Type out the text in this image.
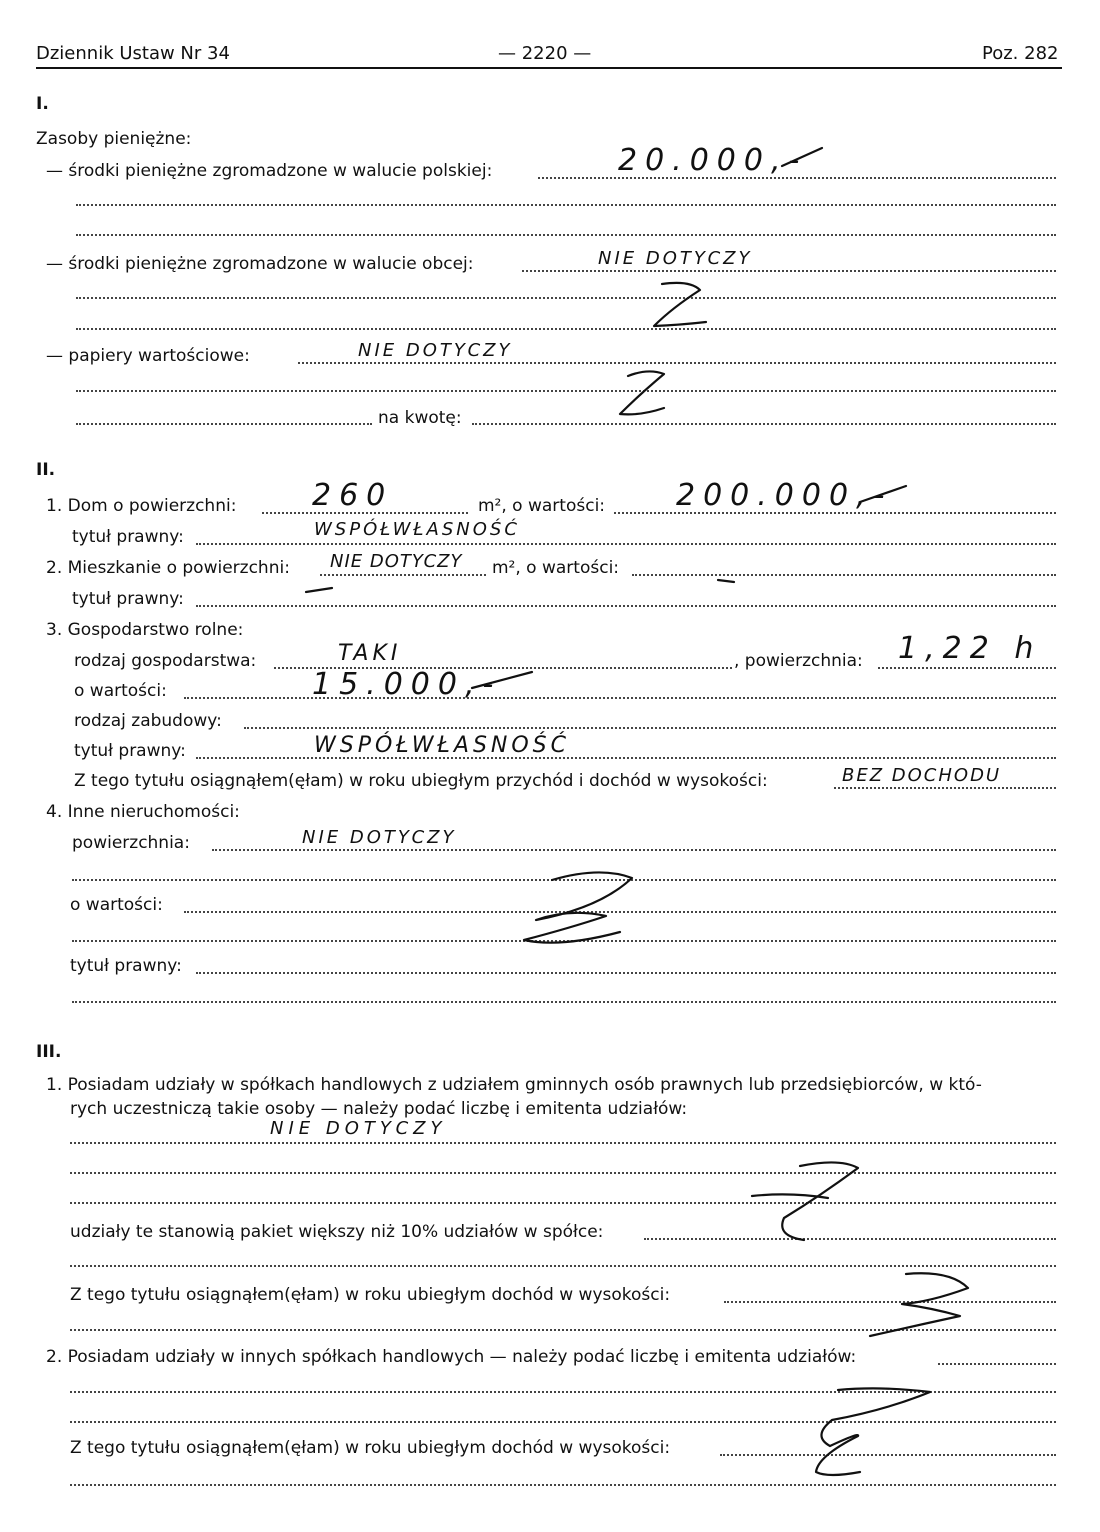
Dziennik Ustaw Nr 34	— 2220 —	Poz. 282
I.
Zasoby pieniężne:
— środki pieniężne zgromadzone w walucie polskiej:	20.000,-
— środki pieniężne zgromadzone w walucie obcej:	NIE DOTYCZY
— papiery wartościowe:	NIE DOTYCZY
na kwotę:
II.
1. Dom o powierzchni:	260	m², o wartości: 200.000,-
tytuł prawny:	WSPÓŁWŁASNOŚĆ
2. Mieszkanie o powierzchni: NIE DOTYCZY m², o wartości:
tytuł prawny:
3. Gospodarstwo rolne:
rodzaj gospodarstwa:	TAKI	, powierzchnia: 1,22 h
o wartości:	15.000,-
rodzaj zabudowy:
tytuł prawny:	WSPÓŁWŁASNOŚĆ
Z tego tytułu osiągnąłem(ęłam) w roku ubiegłym przychód i dochód w wysokości:	BEZ DOCHODU
4. Inne nieruchomości:
powierzchnia:	NIE DOTYCZY
o wartości:
tytuł prawny:
III.
1. Posiadam udziały w spółkach handlowych z udziałem gminnych osób prawnych lub przedsiębiorców, w któ-
rych uczestniczą takie osoby — należy podać liczbę i emitenta udziałów:
NIE DOTYCZY
udziały te stanowią pakiet większy niż 10% udziałów w spółce:
Z tego tytułu osiągnąłem(ęłam) w roku ubiegłym dochód w wysokości:
2. Posiadam udziały w innych spółkach handlowych — należy podać liczbę i emitenta udziałów:
Z tego tytułu osiągnąłem(ęłam) w roku ubiegłym dochód w wysokości:
